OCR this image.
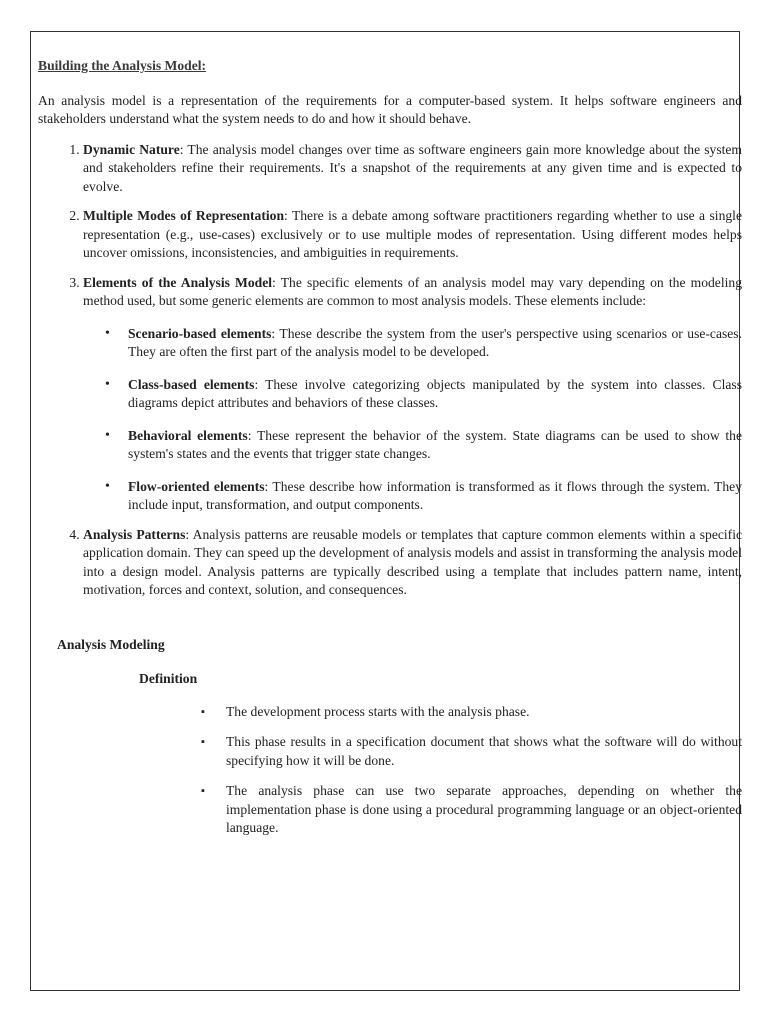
Building the Analysis Model:

An analysis model is a representation of the requirements for a computer-based system. It helps software engineers and stakeholders understand what the system needs to do and how it should behave.

1. Dynamic Nature: The analysis model changes over time as software engineers gain more knowledge about the system and stakeholders refine their requirements. It's a snapshot of the requirements at any given time and is expected to evolve.
2. Multiple Modes of Representation: There is a debate among software practitioners regarding whether to use a single representation (e.g., use-cases) exclusively or to use multiple modes of representation. Using different modes helps uncover omissions, inconsistencies, and ambiguities in requirements.
3. Elements of the Analysis Model: The specific elements of an analysis model may vary depending on the modeling method used, but some generic elements are common to most analysis models. These elements include:
• Scenario-based elements: These describe the system from the user's perspective using scenarios or use-cases. They are often the first part of the analysis model to be developed.
• Class-based elements: These involve categorizing objects manipulated by the system into classes. Class diagrams depict attributes and behaviors of these classes.
• Behavioral elements: These represent the behavior of the system. State diagrams can be used to show the system's states and the events that trigger state changes.
• Flow-oriented elements: These describe how information is transformed as it flows through the system. They include input, transformation, and output components.
4. Analysis Patterns: Analysis patterns are reusable models or templates that capture common elements within a specific application domain. They can speed up the development of analysis models and assist in transforming the analysis model into a design model. Analysis patterns are typically described using a template that includes pattern name, intent, motivation, forces and context, solution, and consequences.

Analysis Modeling

Definition

▪ The development process starts with the analysis phase.
▪ This phase results in a specification document that shows what the software will do without specifying how it will be done.
▪ The analysis phase can use two separate approaches, depending on whether the implementation phase is done using a procedural programming language or an object-oriented language.
